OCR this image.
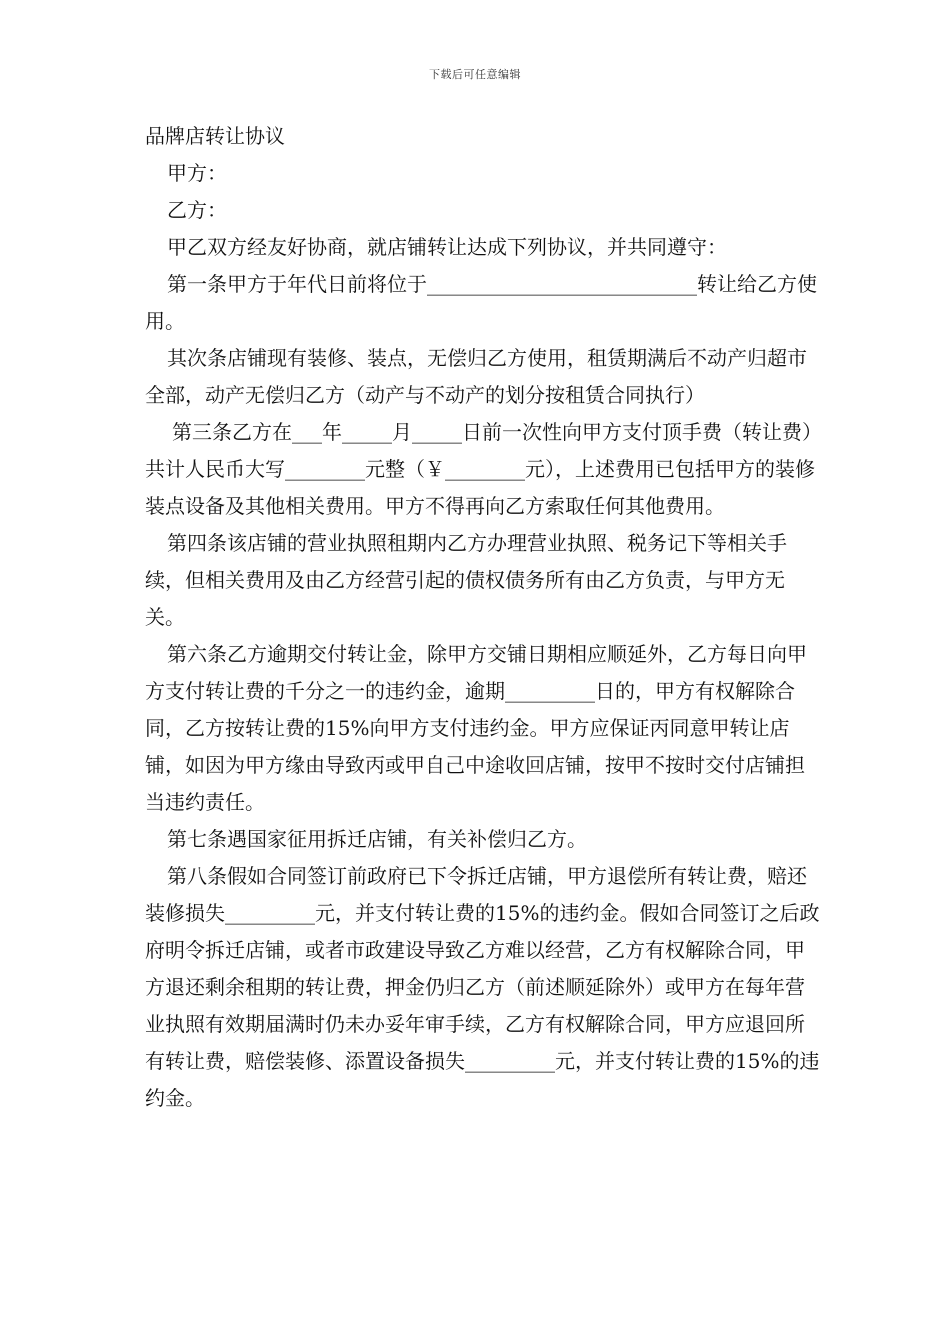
下载后可任意编辑

品牌店转让协议

甲方：

乙方：

甲乙双方经友好协商，就店铺转让达成下列协议，并共同遵守：

第一条甲方于年代日前将位于___________________________转让给乙方使用。

其次条店铺现有装修、装点，无偿归乙方使用，租赁期满后不动产归超市全部，动产无偿归乙方（动产与不动产的划分按租赁合同执行）

第三条乙方在___年_____月_____日前一次性向甲方支付顶手费（转让费）共计人民币大写________元整（￥________元），上述费用已包括甲方的装修装点设备及其他相关费用。甲方不得再向乙方索取任何其他费用。

第四条该店铺的营业执照租期内乙方办理营业执照、税务记下等相关手续，但相关费用及由乙方经营引起的债权债务所有由乙方负责，与甲方无关。

第六条乙方逾期交付转让金，除甲方交铺日期相应顺延外，乙方每日向甲方支付转让费的千分之一的违约金，逾期_________日的，甲方有权解除合同，乙方按转让费的15%向甲方支付违约金。甲方应保证丙同意甲转让店铺，如因为甲方缘由导致丙或甲自己中途收回店铺，按甲不按时交付店铺担当违约责任。

第七条遇国家征用拆迁店铺，有关补偿归乙方。

第八条假如合同签订前政府已下令拆迁店铺，甲方退偿所有转让费，赔还装修损失_________元，并支付转让费的15%的违约金。假如合同签订之后政府明令拆迁店铺，或者市政建设导致乙方难以经营，乙方有权解除合同，甲方退还剩余租期的转让费，押金仍归乙方（前述顺延除外）或甲方在每年营业执照有效期届满时仍未办妥年审手续，乙方有权解除合同，甲方应退回所有转让费，赔偿装修、添置设备损失_________元，并支付转让费的15%的违约金。
